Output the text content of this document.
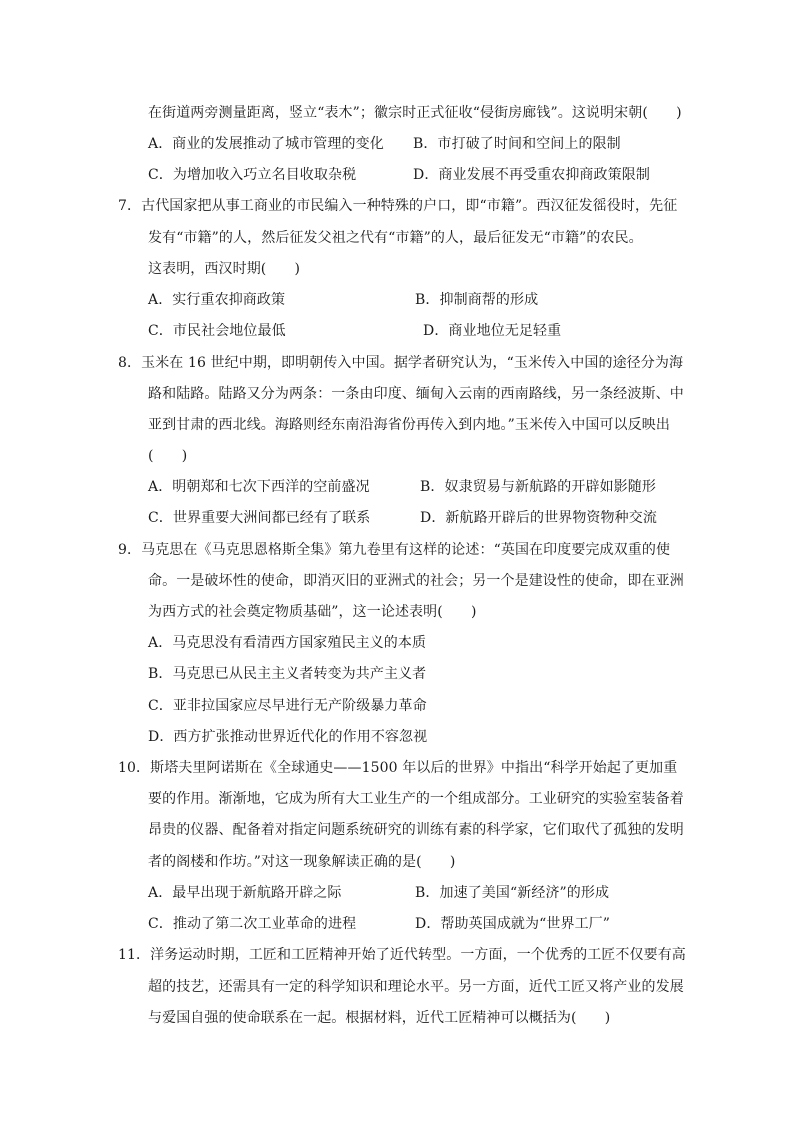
在街道两旁测量距离，竖立“表木”；徽宗时正式征收“侵街房廊钱”。这说明宋朝(　　)
A．商业的发展推动了城市管理的变化 B．市打破了时间和空间上的限制
C．为增加收入巧立名目收取杂税	D．商业发展不再受重农抑商政策限制
7．古代国家把从事工商业的市民编入一种特殊的户口，即“市籍”。西汉征发徭役时，先征
发有“市籍”的人，然后征发父祖之代有“市籍”的人，最后征发无“市籍”的农民。
这表明，西汉时期(　　)
A．实行重农抑商政策	B．抑制商帮的形成
C．市民社会地位最低	D．商业地位无足轻重
8．玉米在 16 世纪中期，即明朝传入中国。据学者研究认为，“玉米传入中国的途径分为海
路和陆路。陆路又分为两条：一条由印度、缅甸入云南的西南路线，另一条经波斯、中
亚到甘肃的西北线。海路则经东南沿海省份再传入到内地。”玉米传入中国可以反映出
(　　)
A．明朝郑和七次下西洋的空前盛况	B．奴隶贸易与新航路的开辟如影随形
C．世界重要大洲间都已经有了联系	D．新航路开辟后的世界物资物种交流
9．马克思在《马克思恩格斯全集》第九卷里有这样的论述：“英国在印度要完成双重的使
命。一是破坏性的使命，即消灭旧的亚洲式的社会；另一个是建设性的使命，即在亚洲
为西方式的社会奠定物质基础”，这一论述表明(　　)
A．马克思没有看清西方国家殖民主义的本质
B．马克思已从民主主义者转变为共产主义者
C．亚非拉国家应尽早进行无产阶级暴力革命
D．西方扩张推动世界近代化的作用不容忽视
10．斯塔夫里阿诺斯在《全球通史——1500 年以后的世界》中指出“科学开始起了更加重
要的作用。渐渐地，它成为所有大工业生产的一个组成部分。工业研究的实验室装备着
昂贵的仪器、配备着对指定问题系统研究的训练有素的科学家，它们取代了孤独的发明
者的阁楼和作坊。”对这一现象解读正确的是(　　)
A．最早出现于新航路开辟之际	B．加速了美国“新经济”的形成
C．推动了第二次工业革命的进程	D．帮助英国成就为“世界工厂”
11．洋务运动时期，工匠和工匠精神开始了近代转型。一方面，一个优秀的工匠不仅要有高
超的技艺，还需具有一定的科学知识和理论水平。另一方面，近代工匠又将产业的发展
与爱国自强的使命联系在一起。根据材料，近代工匠精神可以概括为(　　)
